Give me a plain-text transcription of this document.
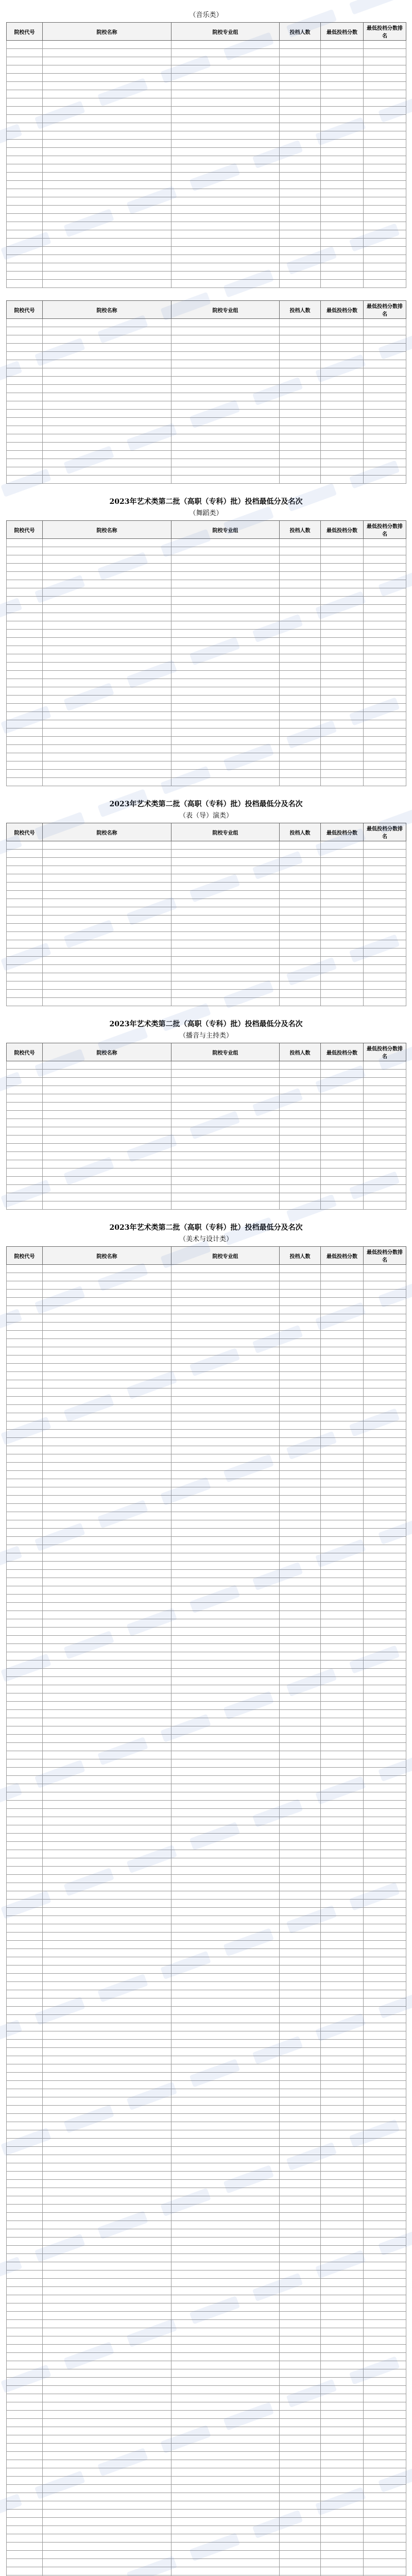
（音乐类）
院校代号	院校名称	院校专业组	投档人数	最低投档分数	最低投档分数排名

院校代号	院校名称	院校专业组	投档人数	最低投档分数	最低投档分数排名

2023年艺术类第二批（高职（专科）批）投档最低分及名次
（舞蹈类）
院校代号	院校名称	院校专业组	投档人数	最低投档分数	最低投档分数排名

2023年艺术类第二批（高职（专科）批）投档最低分及名次
（表（导）演类）
院校代号	院校名称	院校专业组	投档人数	最低投档分数	最低投档分数排名

2023年艺术类第二批（高职（专科）批）投档最低分及名次
（播音与主持类）
院校代号	院校名称	院校专业组	投档人数	最低投档分数	最低投档分数排名

2023年艺术类第二批（高职（专科）批）投档最低分及名次
（美术与设计类）
院校代号	院校名称	院校专业组	投档人数	最低投档分数	最低投档分数排名
